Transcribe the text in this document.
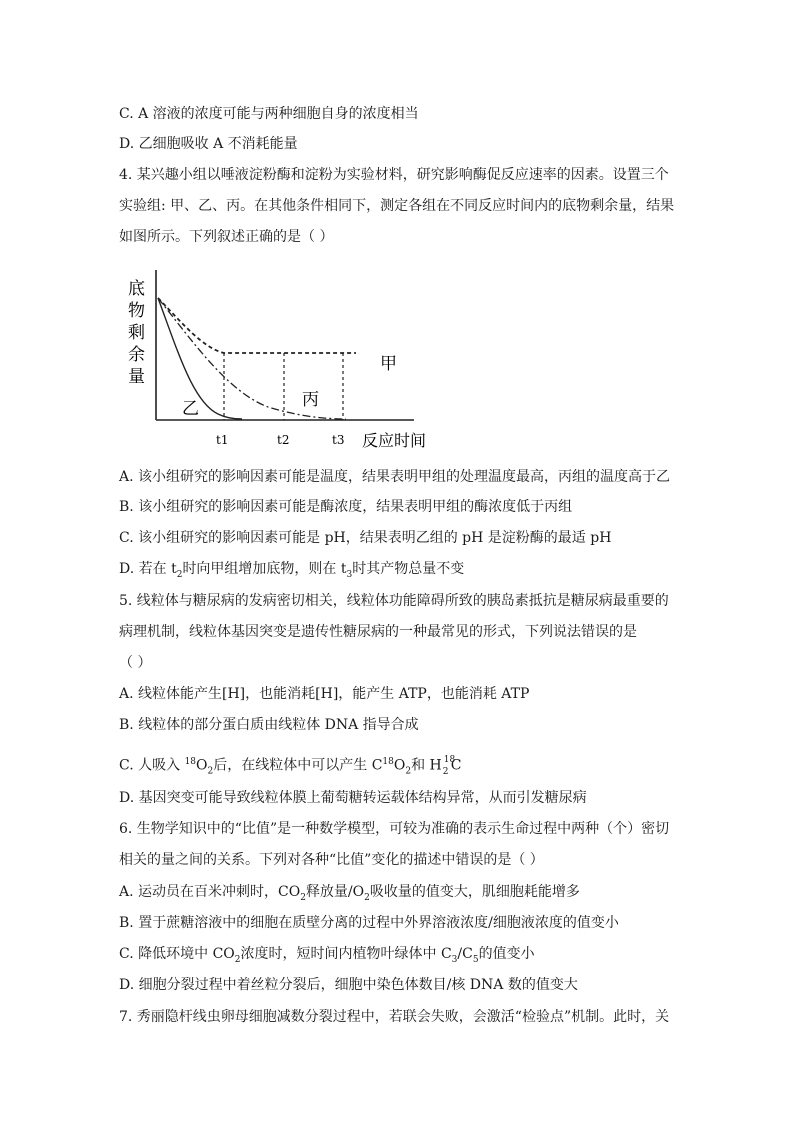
C. A 溶液的浓度可能与两种细胞自身的浓度相当
D. 乙细胞吸收 A 不消耗能量
4. 某兴趣小组以唾液淀粉酶和淀粉为实验材料，研究影响酶促反应速率的因素。设置三个
实验组: 甲、乙、丙。在其他条件相同下，测定各组在不同反应时间内的底物剩余量，结果
如图所示。下列叙述正确的是（ ）
底
物
剩
余
量
甲
乙	丙
t1	t2	t3 反应时间
A. 该小组研究的影响因素可能是温度，结果表明甲组的处理温度最高，丙组的温度高于乙
B. 该小组研究的影响因素可能是酶浓度，结果表明甲组的酶浓度低于丙组
C. 该小组研究的影响因素可能是 pH，结果表明乙组的 pH 是淀粉酶的最适 pH
D. 若在 $t_2$时向甲组增加底物，则在 $t_3$时其产物总量不变
5. 线粒体与糖尿病的发病密切相关，线粒体功能障碍所致的胰岛素抵抗是糖尿病最重要的
病理机制，线粒体基因突变是遗传性糖尿病的一种最常见的形式，下列说法错误的是
（ ）
A. 线粒体能产生[H]，也能消耗[H]，能产生 ATP，也能消耗 ATP
B. 线粒体的部分蛋白质由线粒体 DNA 指导合成
C. 人吸入 $^{18}O_2$后，在线粒体中可以产生 $C^{18}O_2$和 H 18
2 C
D. 基因突变可能导致线粒体膜上葡萄糖转运载体结构异常，从而引发糖尿病
6. 生物学知识中的“比值”是一种数学模型，可较为准确的表示生命过程中两种（个）密切
相关的量之间的关系。下列对各种“比值”变化的描述中错误的是（ ）
A. 运动员在百米冲刺时，$CO_2$释放量$/O_2$吸收量的值变大，肌细胞耗能增多
B. 置于蔗糖溶液中的细胞在质壁分离的过程中外界溶液浓度/细胞液浓度的值变小
C. 降低环境中 $CO_2$浓度时，短时间内植物叶绿体中 $C_3/C_5$的值变小
D. 细胞分裂过程中着丝粒分裂后，细胞中染色体数目/核 DNA 数的值变大
7. 秀丽隐杆线虫卵母细胞减数分裂过程中，若联会失败，会激活“检验点”机制。此时，关
